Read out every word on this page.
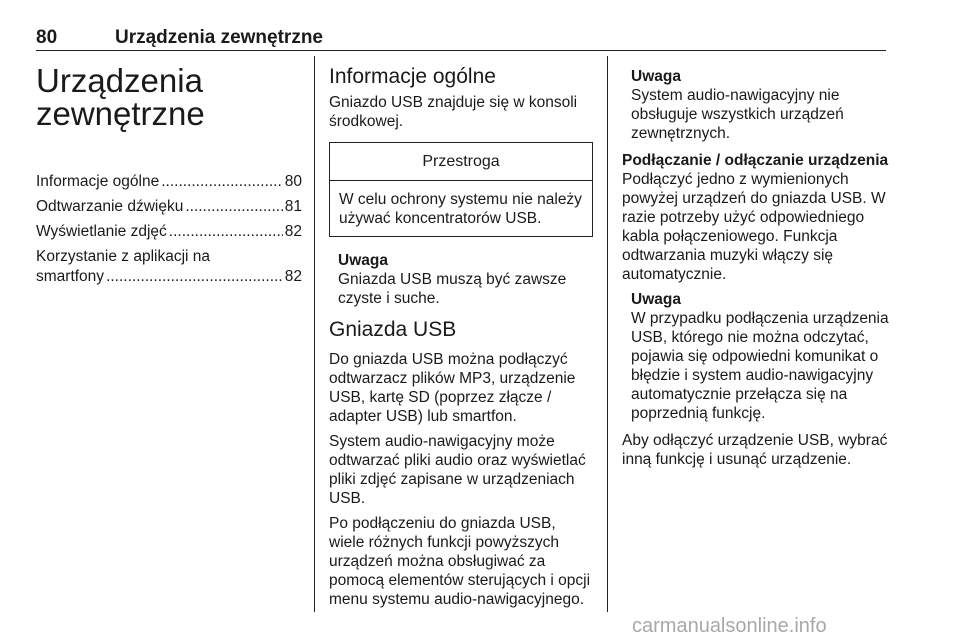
80	Urządzenia zewnętrzne
Urządzenia
zewnętrzne
Informacje ogólne .....	80
Odtwarzanie dźwięku .....	81
Wyświetlanie zdjęć .....	82
Korzystanie z aplikacji na
smartfony .....	82
Informacje ogólne

Gniazdo USB znajduje się w konsoli środkowej.

Przestroga
W celu ochrony systemu nie należy używać koncentratorów USB.
Uwaga
Gniazda USB muszą być zawsze czyste i suche.
Gniazda USB

Do gniazda USB można podłączyć odtwarzacz plików MP3, urządzenie USB, kartę SD (poprzez złącze / adapter USB) lub smartfon.

System audio-nawigacyjny może odtwarzać pliki audio oraz wyświetlać pliki zdjęć zapisane w urządzeniach USB.

Po podłączeniu do gniazda USB, wiele różnych funkcji powyższych urządzeń można obsługiwać za pomocą elementów sterujących i opcji menu systemu audio-nawigacyjnego.

Uwaga
System audio-nawigacyjny nie obsługuje wszystkich urządzeń zewnętrznych.

Podłączanie / odłączanie urządzenia

Podłączyć jedno z wymienionych powyżej urządzeń do gniazda USB. W razie potrzeby użyć odpowiedniego kabla połączeniowego. Funkcja odtwarzania muzyki włączy się automatycznie.

Uwaga
W przypadku podłączenia urządzenia USB, którego nie można odczytać, pojawia się odpowiedni komunikat o błędzie i system audio-nawigacyjny automatycznie przełącza się na poprzednią funkcję.

Aby odłączyć urządzenie USB, wybrać inną funkcję i usunąć urządzenie.

carmanualsonline.info
